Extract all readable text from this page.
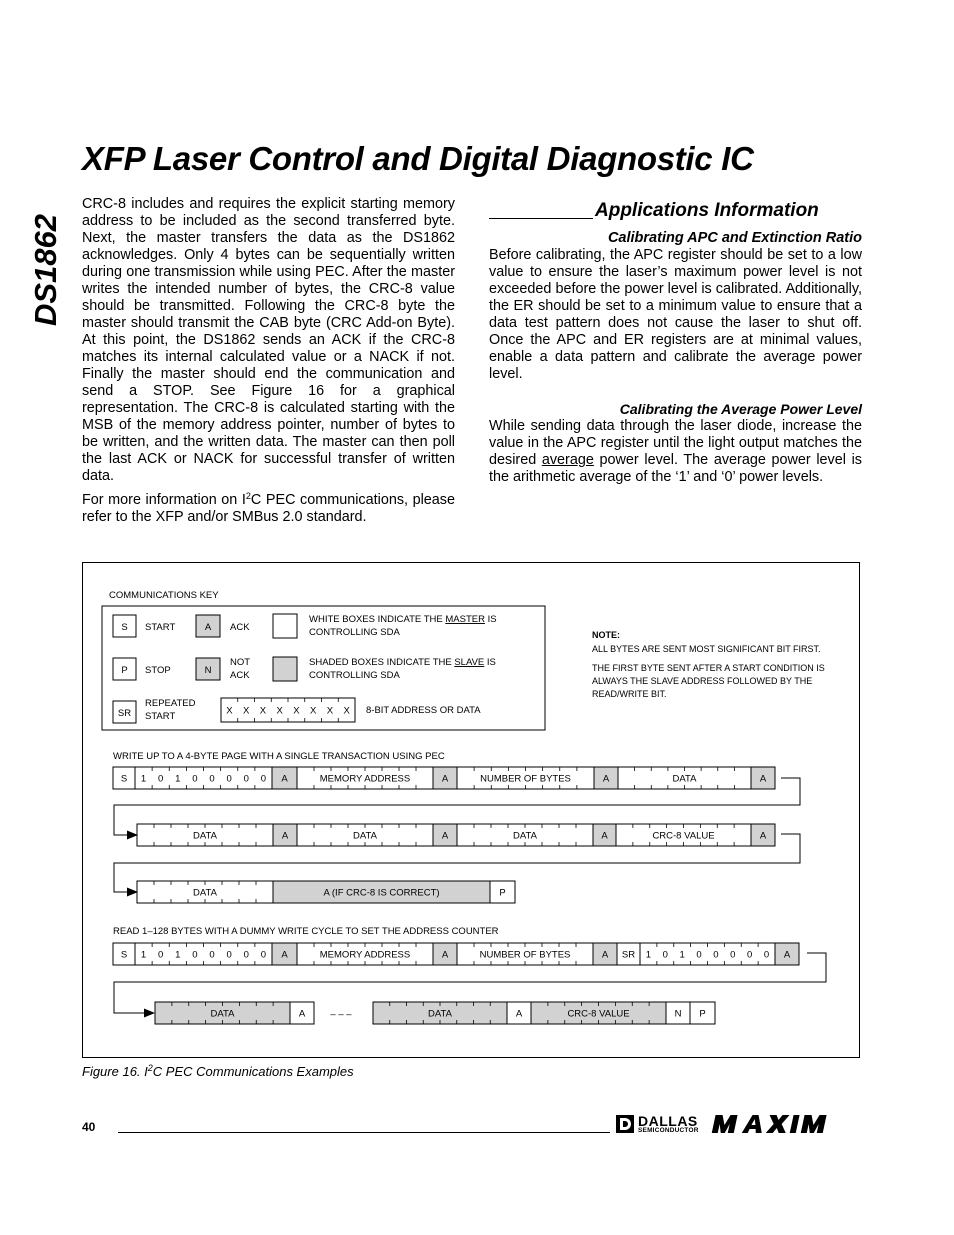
XFP Laser Control and Digital Diagnostic IC
DS1862

CRC-8 includes and requires the explicit starting memory address to be included as the second transferred byte. Next, the master transfers the data as the DS1862 acknowledges. Only 4 bytes can be sequentially written during one transmission while using PEC. After the master writes the intended number of bytes, the CRC-8 value should be transmitted. Following the CRC-8 byte the master should transmit the CAB byte (CRC Add-on Byte). At this point, the DS1862 sends an ACK if the CRC-8 matches its internal calculated value or a NACK if not. Finally the master should end the communication and send a STOP. See Figure 16 for a graphical representation. The CRC-8 is calculated starting with the MSB of the memory address pointer, number of bytes to be written, and the written data. The master can then poll the last ACK or NACK for successful transfer of written data.

For more information on $I^2C$ PEC communications, please refer to the XFP and/or SMBus 2.0 standard.

Applications Information
Calibrating APC and Extinction Ratio

Before calibrating, the APC register should be set to a low value to ensure the laser’s maximum power level is not exceeded before the power level is calibrated. Additionally, the ER should be set to a minimum value to ensure that a data test pattern does not cause the laser to shut off. Once the APC and ER registers are at minimal values, enable a data pattern and calibrate the average power level.

Calibrating the Average Power Level

While sending data through the laser diode, increase the value in the APC register until the light output matches the desired average power level. The average power level is the arithmetic average of the ‘1’ and ‘0’ power levels.

COMMUNICATIONS KEY
S START
P STOP
SR
REPEATED
START
A ACK
N
NOT
ACK
WHITE BOXES INDICATE THE MASTER IS
CONTROLLING SDA
SHADED BOXES INDICATE THE SLAVE IS
CONTROLLING SDA
X X X X X X X X 8-BIT ADDRESS OR DATA
NOTE:
ALL BYTES ARE SENT MOST SIGNIFICANT BIT FIRST.
THE FIRST BYTE SENT AFTER A START CONDITION IS
ALWAYS THE SLAVE ADDRESS FOLLOWED BY THE
READ/WRITE BIT.
WRITE UP TO A 4-BYTE PAGE WITH A SINGLE TRANSACTION USING PEC
READ 1–128 BYTES WITH A DUMMY WRITE CYCLE TO SET THE ADDRESS COUNTER
S 1 0 1 0 0 0 0 0 A	MEMORY ADDRESS	A	NUMBER OF BYTES	A	DATA	A
DATA	A	DATA	A	DATA	A	CRC-8 VALUE	A
DATA	A (IF CRC-8 IS CORRECT)	P
S 1 0 1 0 0 0 0 0 A	MEMORY ADDRESS	A	NUMBER OF BYTES	A SR 1 0 1 0 0 0 0 0 A
DATA	A	– – –	DATA	A	CRC-8 VALUE	N P
Figure 16. $I^2C$ PEC Communications Examples
40	DALLAS
SEMICONDUCTOR
